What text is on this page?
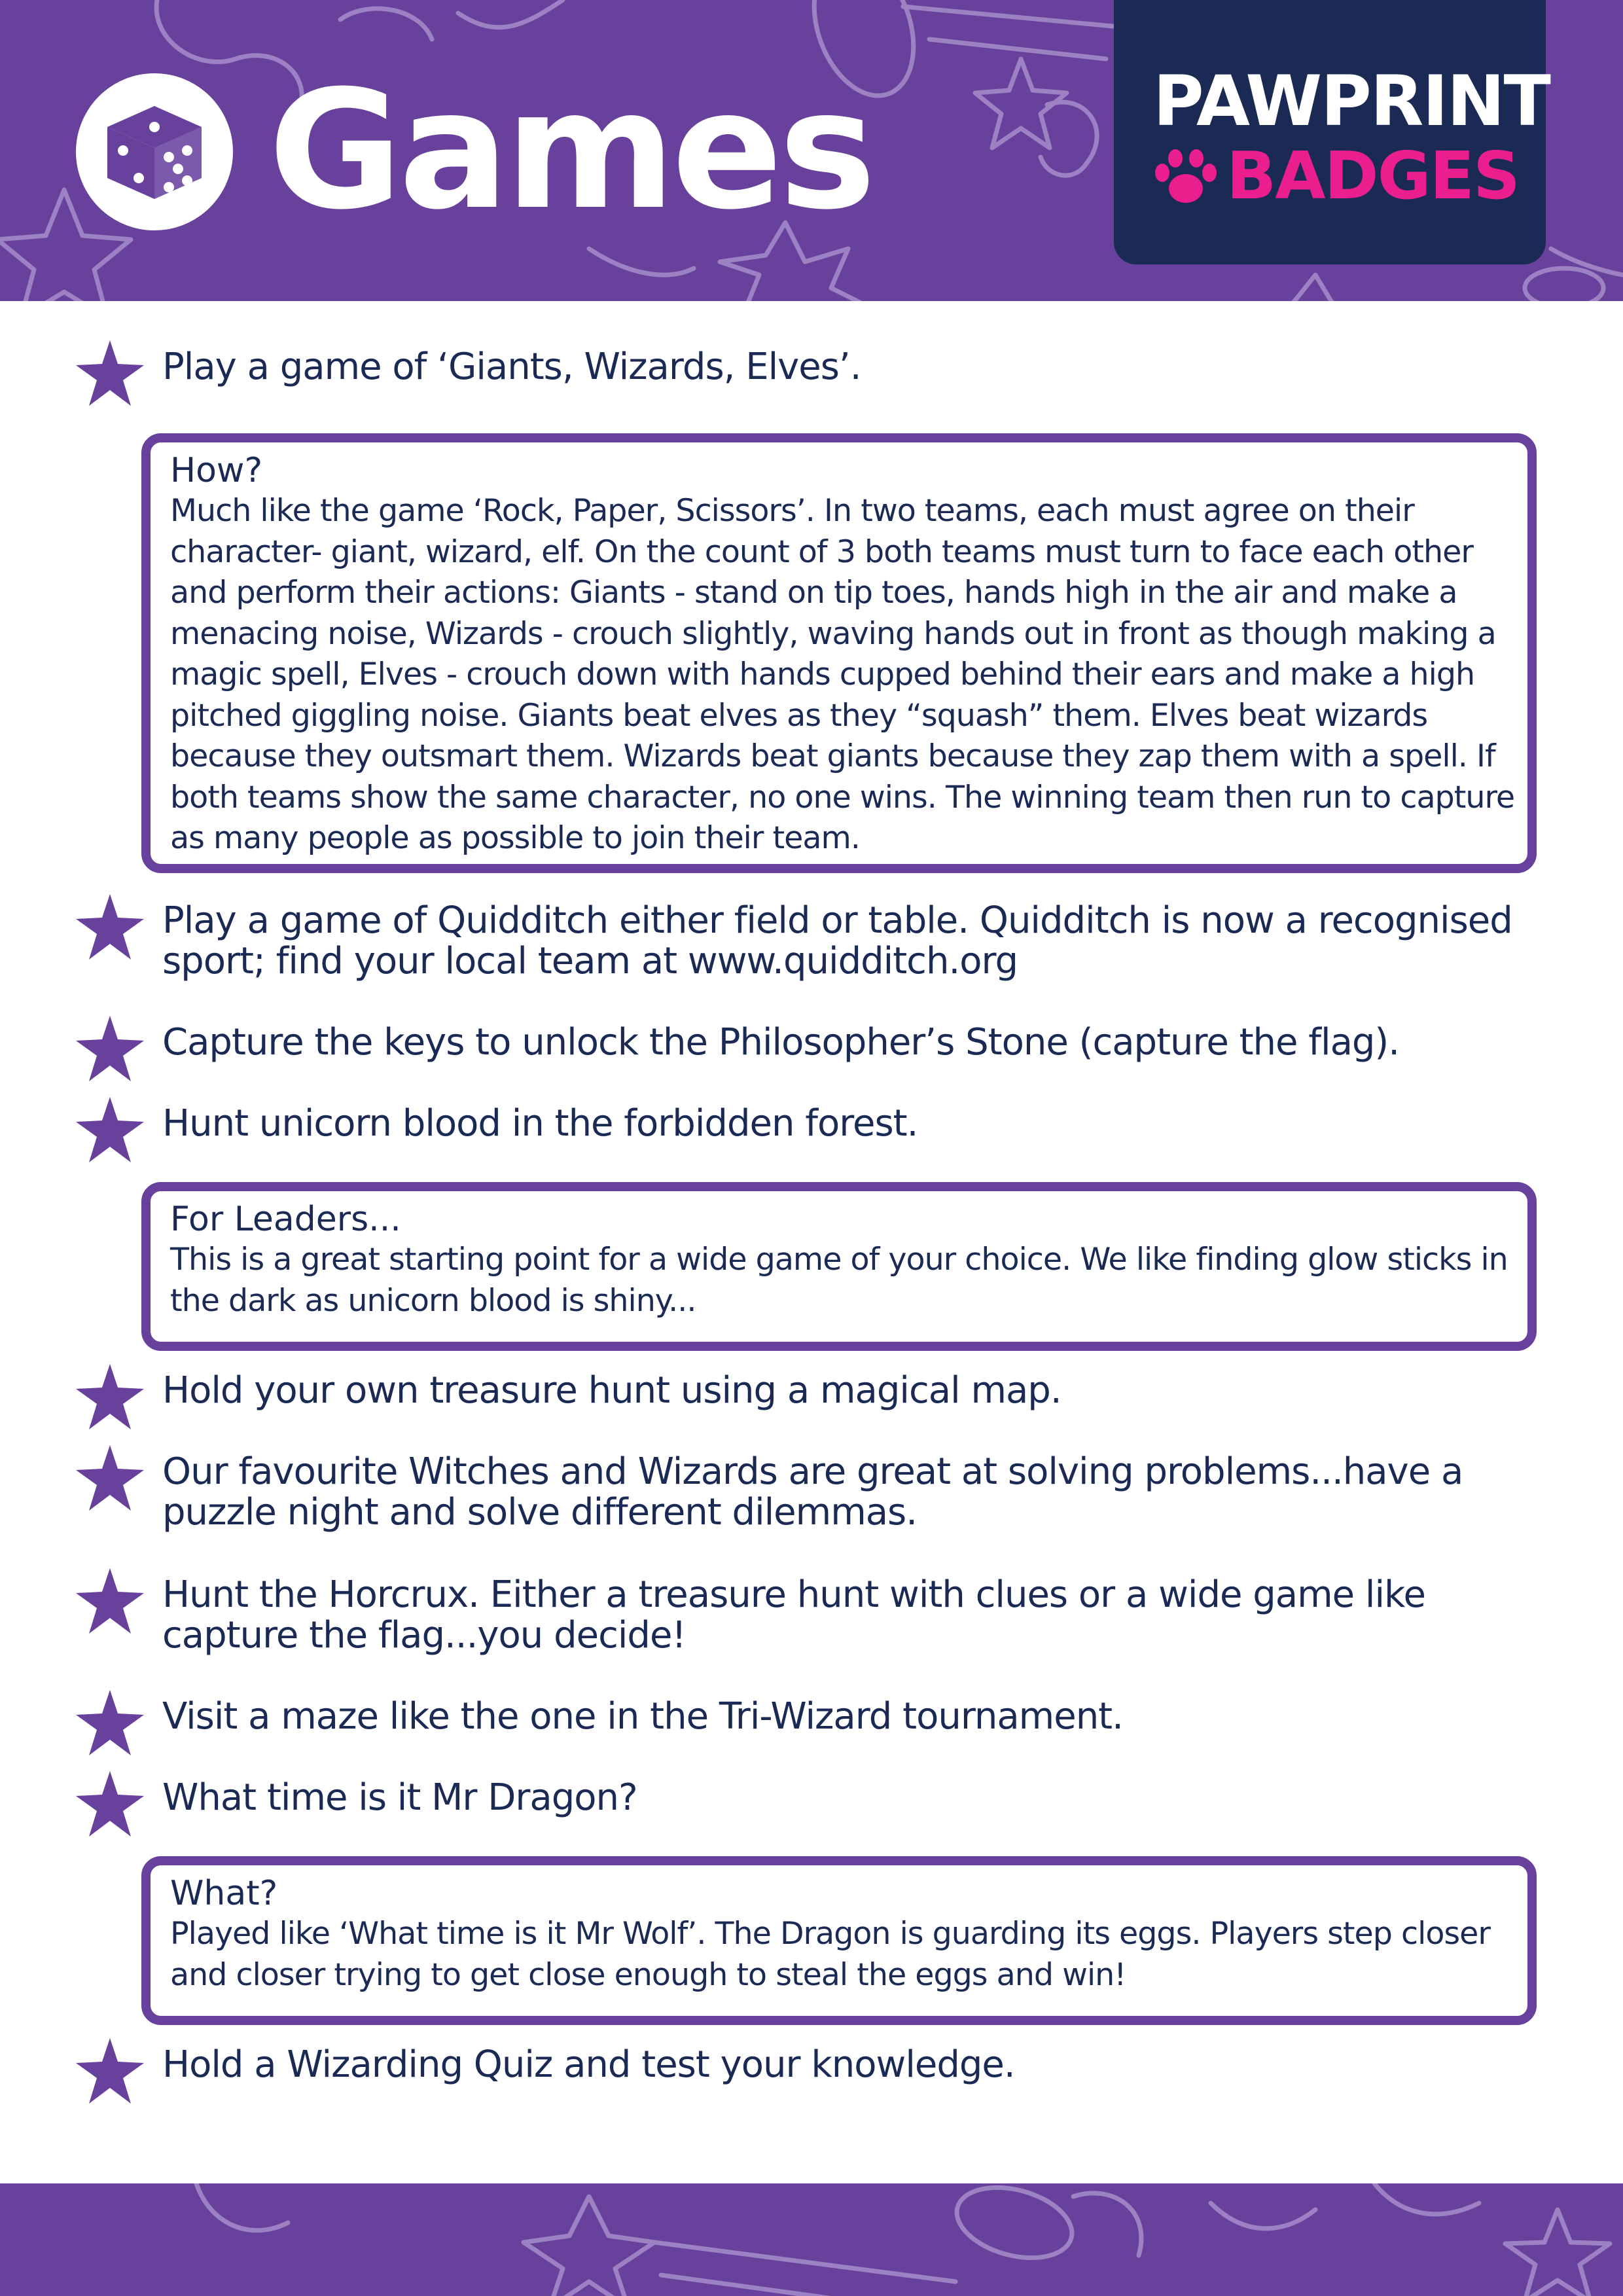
Games	PAWPRINT
BADGES

Play a game of ‘Giants, Wizards, Elves’.

How?

Much like the game ‘Rock, Paper, Scissors’. In two teams, each must agree on their character- giant, wizard, elf. On the count of 3 both teams must turn to face each other and perform their actions: Giants - stand on tip toes, hands high in the air and make a menacing noise, Wizards - crouch slightly, waving hands out in front as though making a magic spell, Elves - crouch down with hands cupped behind their ears and make a high pitched giggling noise. Giants beat elves as they “squash” them. Elves beat wizards because they outsmart them. Wizards beat giants because they zap them with a spell. If both teams show the same character, no one wins. The winning team then run to capture as many people as possible to join their team.

Play a game of Quidditch either field or table. Quidditch is now a recognised sport; find your local team at www.quidditch.org

Capture the keys to unlock the Philosopher’s Stone (capture the flag).

Hunt unicorn blood in the forbidden forest.

For Leaders...

This is a great starting point for a wide game of your choice. We like finding glow sticks in the dark as unicorn blood is shiny...

Hold your own treasure hunt using a magical map.

Our favourite Witches and Wizards are great at solving problems...have a puzzle night and solve different dilemmas.

Hunt the Horcrux. Either a treasure hunt with clues or a wide game like capture the flag...you decide!

Visit a maze like the one in the Tri-Wizard tournament.

What time is it Mr Dragon?

What?

Played like ‘What time is it Mr Wolf’. The Dragon is guarding its eggs. Players step closer and closer trying to get close enough to steal the eggs and win!

Hold a Wizarding Quiz and test your knowledge.
